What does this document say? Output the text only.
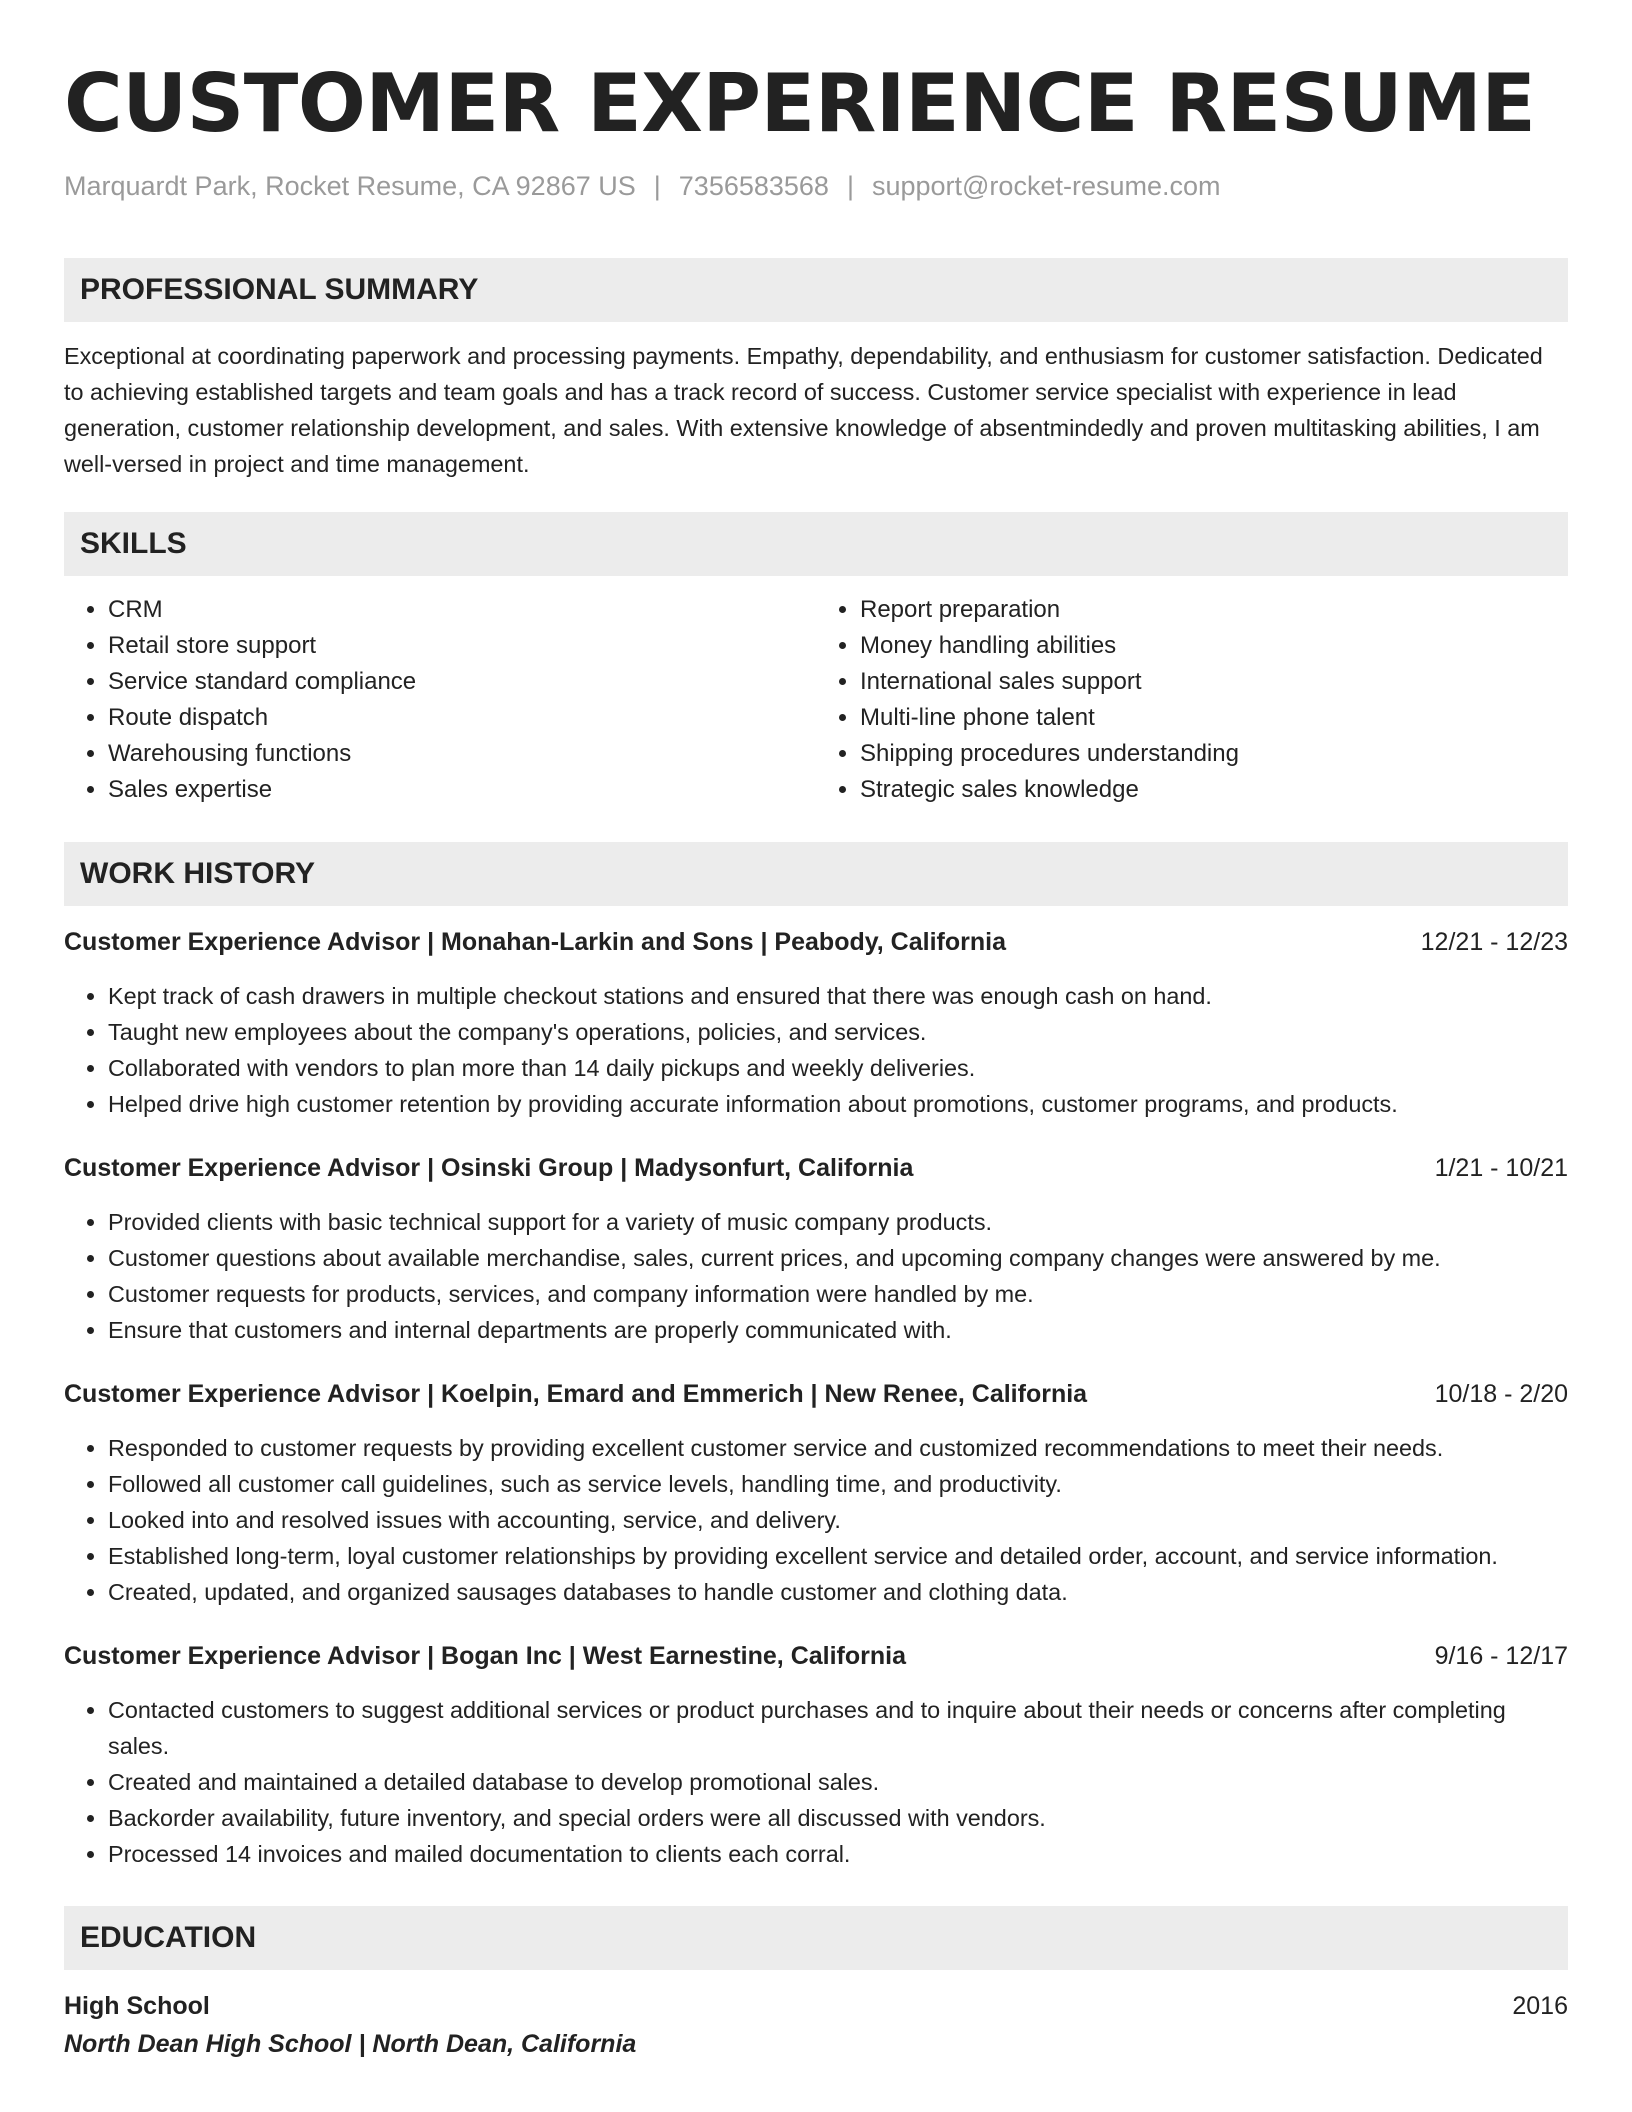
CUSTOMER EXPERIENCE RESUME
Marquardt Park, Rocket Resume, CA 92867 US | 7356583568 | support@rocket-resume.com
PROFESSIONAL SUMMARY

Exceptional at coordinating paperwork and processing payments. Empathy, dependability, and enthusiasm for customer satisfaction. Dedicated to achieving established targets and team goals and has a track record of success. Customer service specialist with experience in lead generation, customer relationship development, and sales. With extensive knowledge of absentmindedly and proven multitasking abilities, I am well-versed in project and time management.

SKILLS
• CRM
• Retail store support
• Service standard compliance
• Route dispatch
• Warehousing functions
• Sales expertise
• Report preparation
• Money handling abilities
• International sales support
• Multi-line phone talent
• Shipping procedures understanding
• Strategic sales knowledge
WORK HISTORY
Customer Experience Advisor | Monahan-Larkin and Sons | Peabody, California	12/21 - 12/23
• Kept track of cash drawers in multiple checkout stations and ensured that there was enough cash on hand.
• Taught new employees about the company's operations, policies, and services.
• Collaborated with vendors to plan more than 14 daily pickups and weekly deliveries.
• Helped drive high customer retention by providing accurate information about promotions, customer programs, and products.
Customer Experience Advisor | Osinski Group | Madysonfurt, California	1/21 - 10/21
• Provided clients with basic technical support for a variety of music company products.
• Customer questions about available merchandise, sales, current prices, and upcoming company changes were answered by me.
• Customer requests for products, services, and company information were handled by me.
• Ensure that customers and internal departments are properly communicated with.
Customer Experience Advisor | Koelpin, Emard and Emmerich | New Renee, California	10/18 - 2/20
• Responded to customer requests by providing excellent customer service and customized recommendations to meet their needs.
• Followed all customer call guidelines, such as service levels, handling time, and productivity.
• Looked into and resolved issues with accounting, service, and delivery.
• Established long-term, loyal customer relationships by providing excellent service and detailed order, account, and service information.
• Created, updated, and organized sausages databases to handle customer and clothing data.
Customer Experience Advisor | Bogan Inc | West Earnestine, California	9/16 - 12/17
• Contacted customers to suggest additional services or product purchases and to inquire about their needs or concerns after completing sales.
• Created and maintained a detailed database to develop promotional sales.
• Backorder availability, future inventory, and special orders were all discussed with vendors.
• Processed 14 invoices and mailed documentation to clients each corral.
EDUCATION
High School	2016
North Dean High School | North Dean, California
